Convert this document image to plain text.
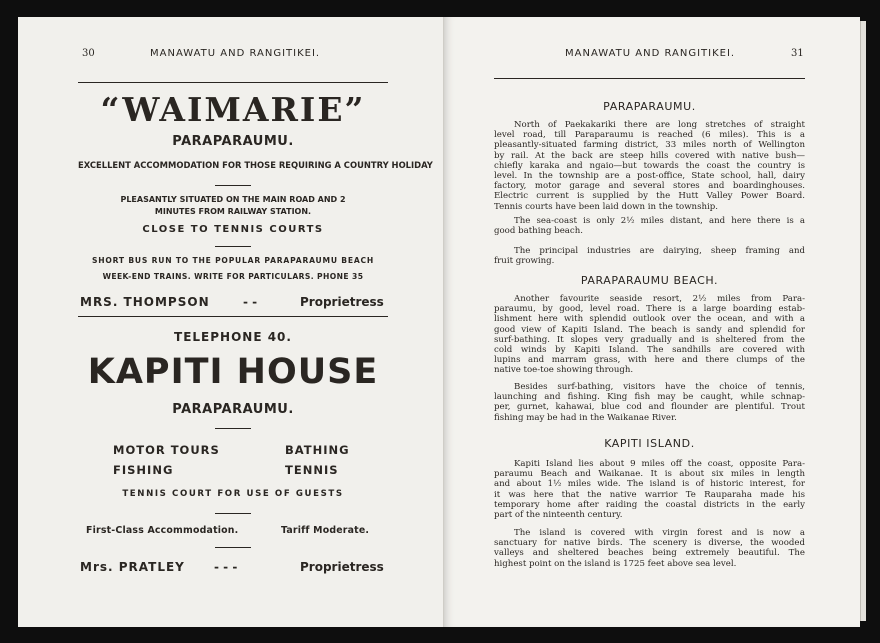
30	MANAWATU AND RANGITIKEI.
“WAIMARIE”
PARAPARAUMU.
EXCELLENT ACCOMMODATION FOR THOSE REQUIRING A COUNTRY HOLIDAY
PLEASANTLY SITUATED ON THE MAIN ROAD AND 2
MINUTES FROM RAILWAY STATION.
CLOSE TO TENNIS COURTS
SHORT BUS RUN TO THE POPULAR PARAPARAUMU BEACH
WEEK-END TRAINS. WRITE FOR PARTICULARS. PHONE 35
MRS. THOMPSON	- -	Proprietress
TELEPHONE 40.
KAPITI HOUSE
PARAPARAUMU.
MOTOR TOURS	BATHING
FISHING	TENNIS
TENNIS COURT FOR USE OF GUESTS
First-Class Accommodation.	Tariff Moderate.
Mrs. PRATLEY - - -	Proprietress
MANAWATU AND RANGITIKEI.	31
PARAPARAUMU.
North of Paekakariki there are long stretches of straight
level road, till Paraparaumu is reached (6 miles). This is a
pleasantly-situated farming district, 33 miles north of Wellington
by rail. At the back are steep hills covered with native bush—
chiefly karaka and ngaio—but towards the coast the country is
level. In the township are a post-office, State school, hall, dairy
factory, motor garage and several stores and boardinghouses.
Electric current is supplied by the Hutt Valley Power Board.
Tennis courts have been laid down in the township.
The sea-coast is only 2½ miles distant, and here there is a
good bathing beach.
The principal industries are dairying, sheep framing and
fruit growing.
PARAPARAUMU BEACH.
Another favourite seaside resort, 2½ miles from Para-
paraumu, by good, level road. There is a large boarding estab-
lishment here with splendid outlook over the ocean, and with a
good view of Kapiti Island. The beach is sandy and splendid for
surf-bathing. It slopes very gradually and is sheltered from the
cold winds by Kapiti Island. The sandhills are covered with
lupins and marram grass, with here and there clumps of the
native toe-toe showing through.
Besides surf-bathing, visitors have the choice of tennis,
launching and fishing. King fish may be caught, while schnap-
per, gurnet, kahawai, blue cod and flounder are plentiful. Trout
fishing may be had in the Waikanae River.
KAPITI ISLAND.
Kapiti Island lies about 9 miles off the coast, opposite Para-
paraumu Beach and Waikanae. It is about six miles in length
and about 1½ miles wide. The island is of historic interest, for
it was here that the native warrior Te Rauparaha made his
temporary home after raiding the coastal districts in the early
part of the ninteenth century.
The island is covered with virgin forest and is now a
sanctuary for native birds. The scenery is diverse, the wooded
valleys and sheltered beaches being extremely beautiful. The
highest point on the island is 1725 feet above sea level.
